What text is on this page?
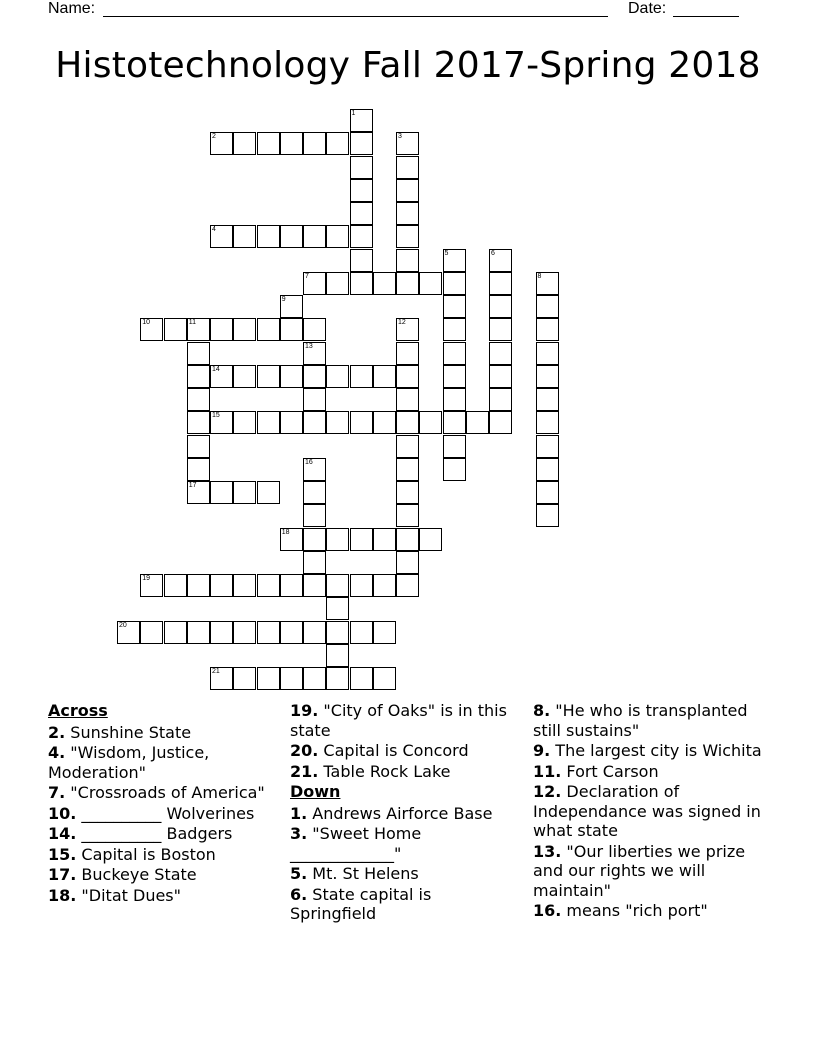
Name:	Date:
Histotechnology Fall 2017-Spring 2018
1
2	3
4
5	6
7	8
9
10	11	12
13
14
15
16
17
18
19
20
21
Across
2. Sunshine State
4. "Wisdom, Justice, Moderation"
7. "Crossroads of America"
10. __________ Wolverines
14. __________ Badgers
15. Capital is Boston
17. Buckeye State
18. "Ditat Dues"
19. "City of Oaks" is in this state
20. Capital is Concord
21. Table Rock Lake
Down
1. Andrews Airforce Base
3. "Sweet Home _____________"
5. Mt. St Helens
6. State capital is Springfield
8. "He who is transplanted still sustains"
9. The largest city is Wichita
11. Fort Carson
12. Declaration of Independance was signed in what state
13. "Our liberties we prize and our rights we will maintain"
16. means "rich port"
